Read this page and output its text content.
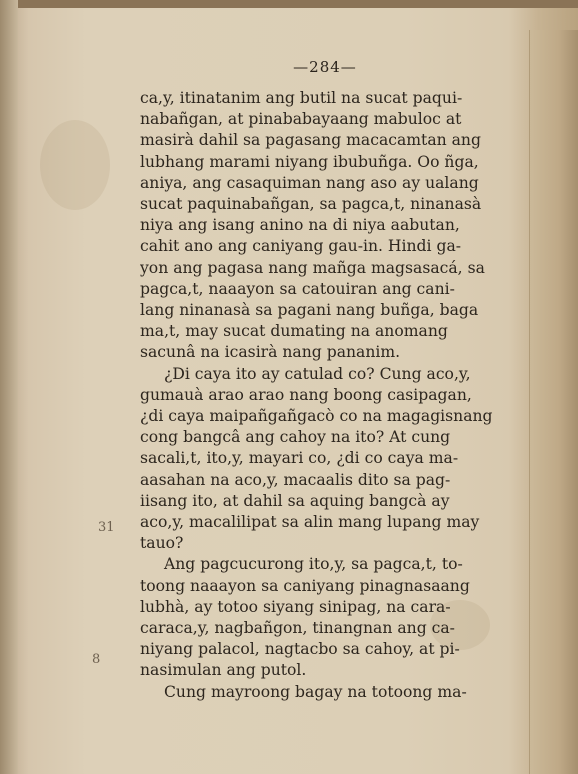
31
8
—284—
ca,y, itinatanim ang butil na sucat paqui-
nabañgan, at pinababayaang mabuloc at
masirà dahil sa pagasang macacamtan ang
lubhang marami niyang ibubuñga. Oo ñga,
aniya, ang casaquiman nang aso ay ualang
sucat paquinabañgan, sa pagca,t, ninanasà
niya ang isang anino na di niya aabutan,
cahit ano ang caniyang gau-in. Hindi ga-
yon ang pagasa nang mañga magsasacá, sa
pagca,t, naaayon sa catouiran ang cani-
lang ninanasà sa pagani nang buñga, baga
ma,t, may sucat dumating na anomang
sacunâ na icasirà nang pananim.
¿Di caya ito ay catulad co? Cung aco,y,
gumauà arao arao nang boong casipagan,
¿di caya maipañgañgacò co na magagisnang
cong bangcâ ang cahoy na ito? At cung
sacali,t, ito,y, mayari co, ¿di co caya ma-
aasahan na aco,y, macaalis dito sa pag-
iisang ito, at dahil sa aquing bangcà ay
aco,y, macalilipat sa alin mang lupang may
tauo?
Ang pagcucurong ito,y, sa pagca,t, to-
toong naaayon sa caniyang pinagnasaang
lubhà, ay totoo siyang sinipag, na cara-
caraca,y, nagbañgon, tinangnan ang ca-
niyang palacol, nagtacbo sa cahoy, at pi-
nasimulan ang putol.
Cung mayroong bagay na totoong ma-
